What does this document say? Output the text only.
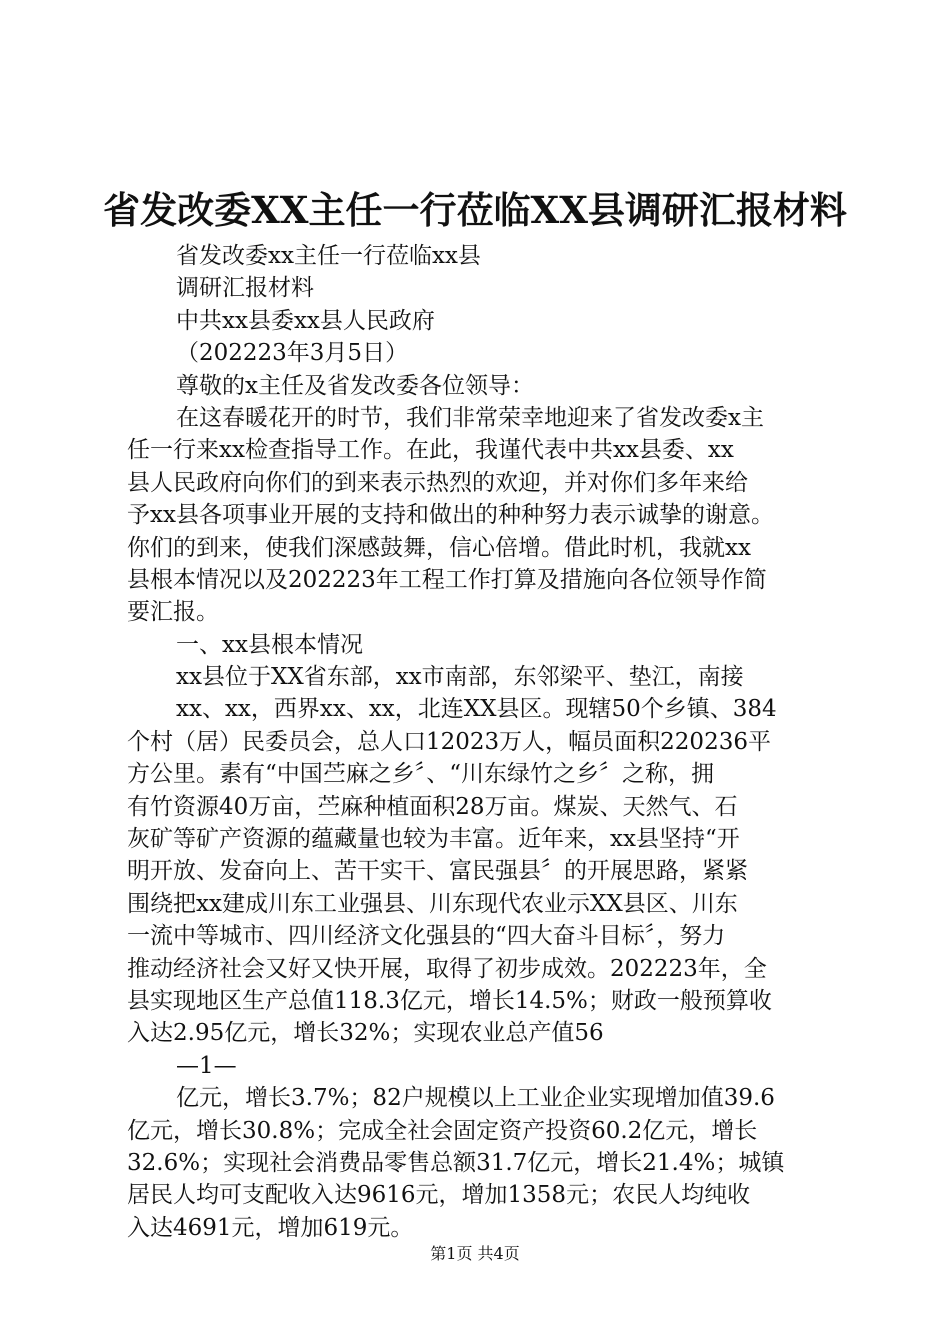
省发改委XX主任一行莅临XX县调研汇报材料
省发改委xx主任一行莅临xx县
调研汇报材料
中共xx县委xx县人民政府
（202223年3月5日）
尊敬的x主任及省发改委各位领导：
在这春暖花开的时节，我们非常荣幸地迎来了省发改委x主
任一行来xx检查指导工作。在此，我谨代表中共xx县委、xx
县人民政府向你们的到来表示热烈的欢迎，并对你们多年来给
予xx县各项事业开展的支持和做出的种种努力表示诚挚的谢意。
你们的到来，使我们深感鼓舞，信心倍增。借此时机，我就xx
县根本情况以及202223年工程工作打算及措施向各位领导作简
要汇报。
一、xx县根本情况
xx县位于XX省东部，xx市南部，东邻梁平、垫江，南接
xx、xx，西界xx、xx，北连XX县区。现辖50个乡镇、384
个村（居）民委员会，总人口12023万人，幅员面积220236平
方公里。素有“中国苎麻之乡〞、“川东绿竹之乡〞之称，拥
有竹资源40万亩，苎麻种植面积28万亩。煤炭、天然气、石
灰矿等矿产资源的蕴藏量也较为丰富。近年来，xx县坚持“开
明开放、发奋向上、苦干实干、富民强县〞的开展思路，紧紧
围绕把xx建成川东工业强县、川东现代农业示XX县区、川东
一流中等城市、四川经济文化强县的“四大奋斗目标〞，努力
推动经济社会又好又快开展，取得了初步成效。202223年，全
县实现地区生产总值118.3亿元，增长14.5%；财政一般预算收
入达2.95亿元，增长32%；实现农业总产值56
—1—
亿元，增长3.7%；82户规模以上工业企业实现增加值39.6
亿元，增长30.8%；完成全社会固定资产投资60.2亿元，增长
32.6%；实现社会消费品零售总额31.7亿元，增长21.4%；城镇
居民人均可支配收入达9616元，增加1358元；农民人均纯收
入达4691元，增加619元。
第1页 共4页
